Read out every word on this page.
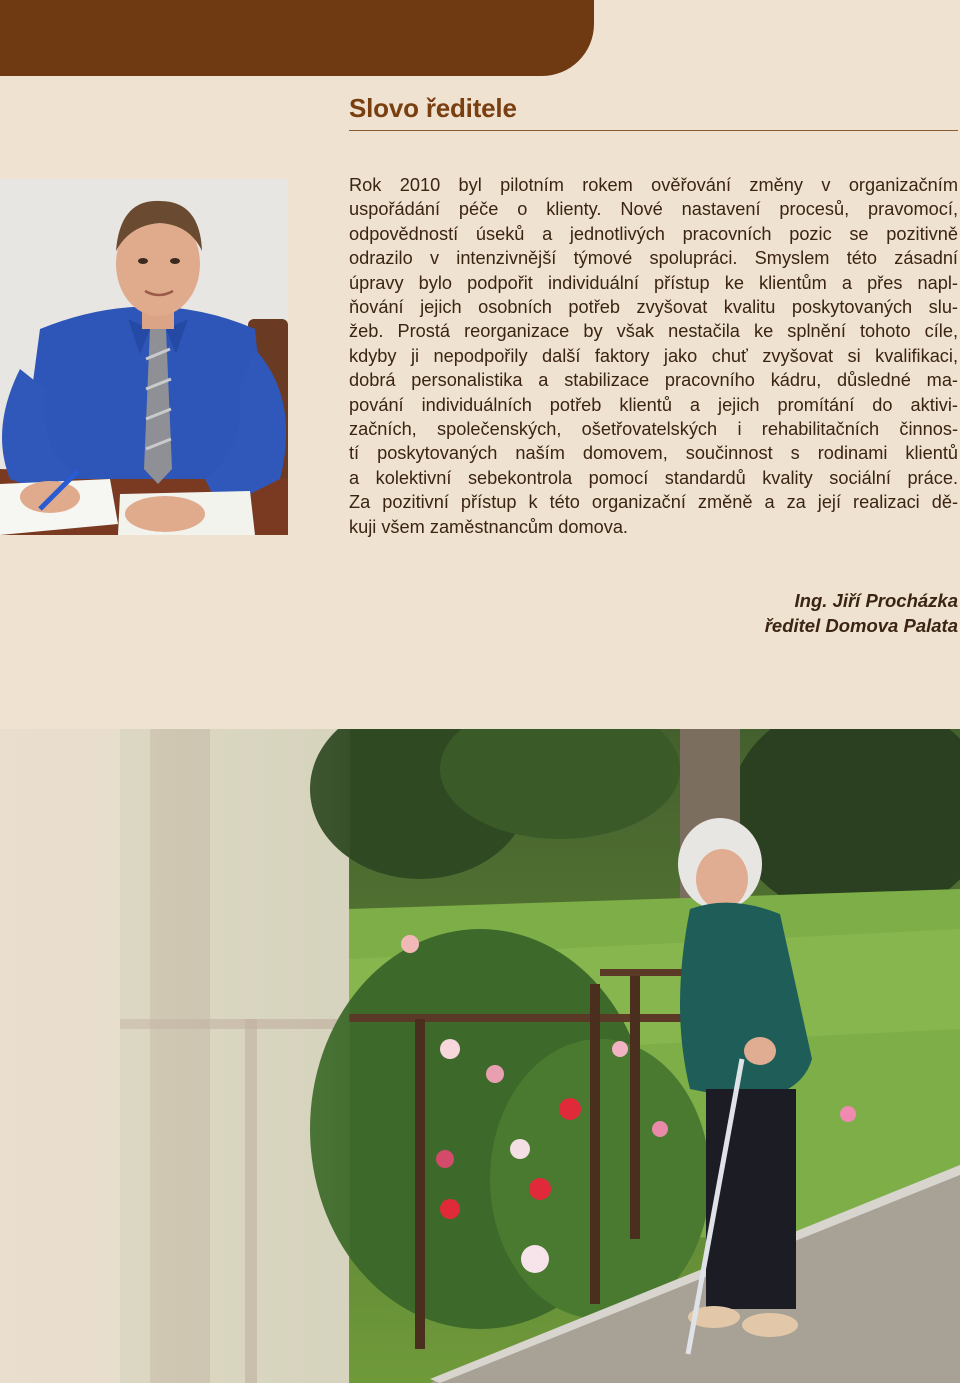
Slovo ředitele
Rok 2010 byl pilotním rokem ověřování změny v organizačním
uspořádání péče o klienty. Nové nastavení procesů, pravomocí,
odpovědností úseků a jednotlivých pracovních pozic se pozitivně
odrazilo v intenzivnější týmové spolupráci. Smyslem této zásadní
úpravy bylo podpořit individuální přístup ke klientům a přes napl-
ňování jejich osobních potřeb zvyšovat kvalitu poskytovaných slu-
žeb. Prostá reorganizace by však nestačila ke splnění tohoto cíle,
kdyby ji nepodpořily další faktory jako chuť zvyšovat si kvalifikaci,
dobrá personalistika a stabilizace pracovního kádru, důsledné ma-
pování individuálních potřeb klientů a jejich promítání do aktivi-
začních, společenských, ošetřovatelských i rehabilitačních činnos-
tí poskytovaných naším domovem, součinnost s rodinami klientů
a kolektivní sebekontrola pomocí standardů kvality sociální práce.
Za pozitivní přístup k této organizační změně a za její realizaci dě-
kuji všem zaměstnancům domova.
Ing. Jiří Procházka
ředitel Domova Palata
